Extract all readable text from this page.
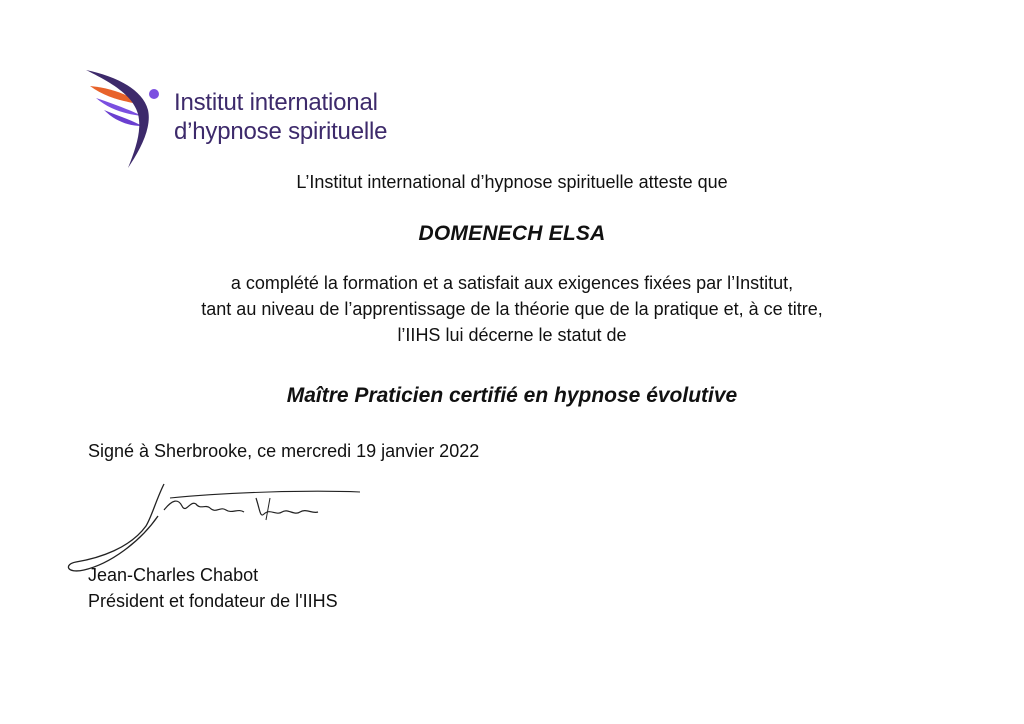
Institut international
d’hypnose spirituelle
L’Institut international d’hypnose spirituelle atteste que
DOMENECH ELSA
a complété la formation et a satisfait aux exigences fixées par l’Institut,
tant au niveau de l’apprentissage de la théorie que de la pratique et, à ce titre,
l’IIHS lui décerne le statut de
Maître Praticien certifié en hypnose évolutive
Signé à Sherbrooke, ce mercredi 19 janvier 2022
Jean-Charles Chabot
Président et fondateur de l'IIHS
